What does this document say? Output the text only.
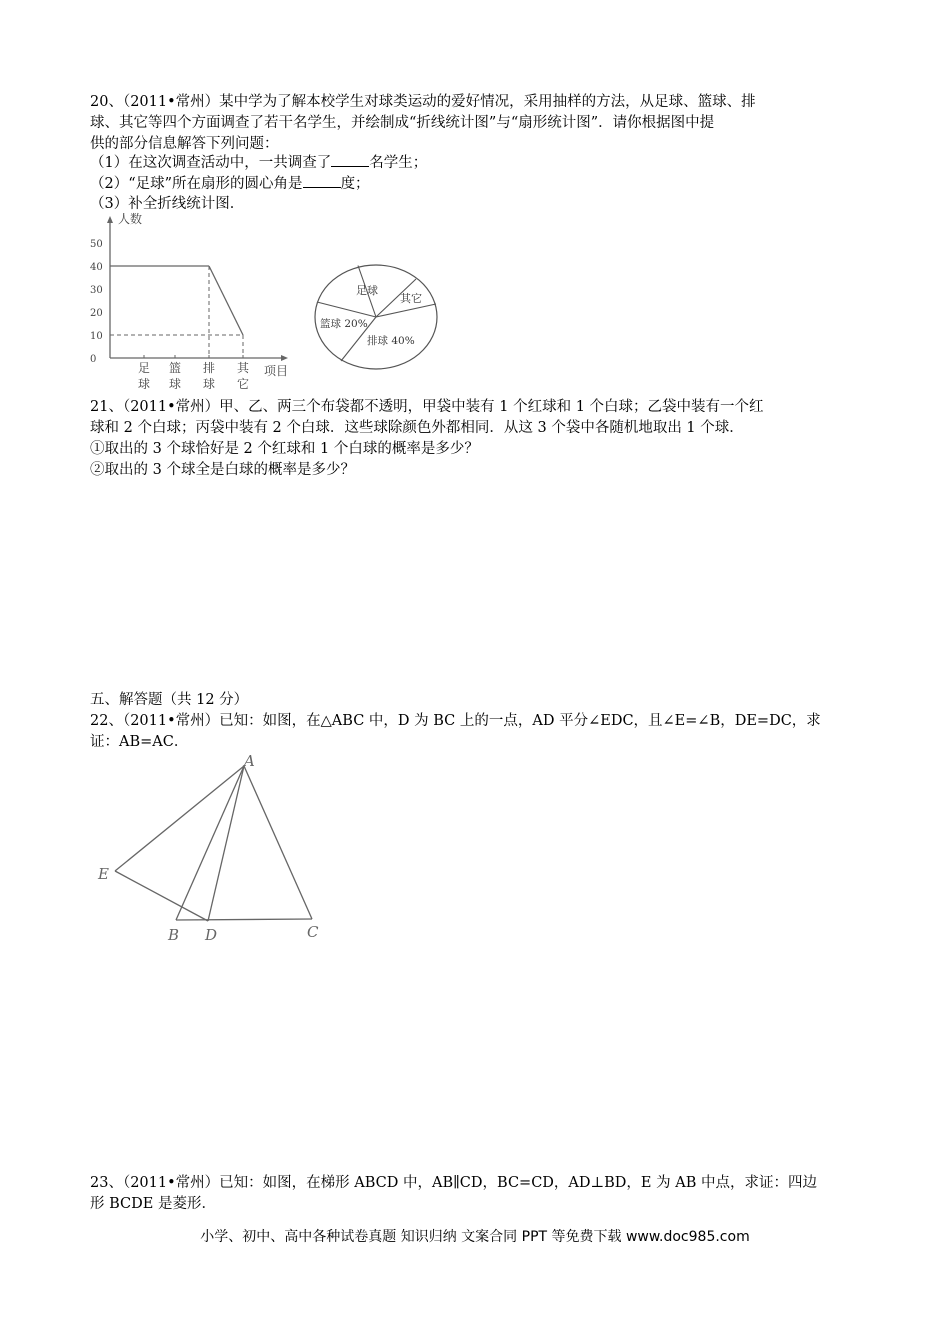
20、（2011•常州）某中学为了解本校学生对球类运动的爱好情况，采用抽样的方法，从足球、篮球、排
球、其它等四个方面调查了若干名学生，并绘制成“折线统计图”与“扇形统计图”．请你根据图中提
供的部分信息解答下列问题：
（1）在这次调查活动中，一共调查了	名学生；
（2）“足球”所在扇形的圆心角是	度；
（3）补全折线统计图．
人数
0
10
20
30
40
50
足
球
篮
球
排
球
其
它
项目
足球
其它
篮球 20%
排球 40%
21、（2011•常州）甲、乙、两三个布袋都不透明，甲袋中装有 1 个红球和 1 个白球；乙袋中装有一个红
球和 2 个白球；丙袋中装有 2 个白球．这些球除颜色外都相同．从这 3 个袋中各随机地取出 1 个球．
①取出的 3 个球恰好是 2 个红球和 1 个白球的概率是多少？
②取出的 3 个球全是白球的概率是多少？
五、解答题（共 12 分）
22、（2011•常州）已知：如图，在△ABC 中，D 为 BC 上的一点，AD 平分∠EDC，且∠E=∠B，DE=DC，求
证：AB=AC．
A
E
B D	C
23、（2011•常州）已知：如图，在梯形 ABCD 中，AB∥CD，BC=CD，AD⊥BD，E 为 AB 中点，求证：四边
形 BCDE 是菱形．
小学、初中、高中各种试卷真题 知识归纳 文案合同 PPT 等免费下载 www.doc985.com
